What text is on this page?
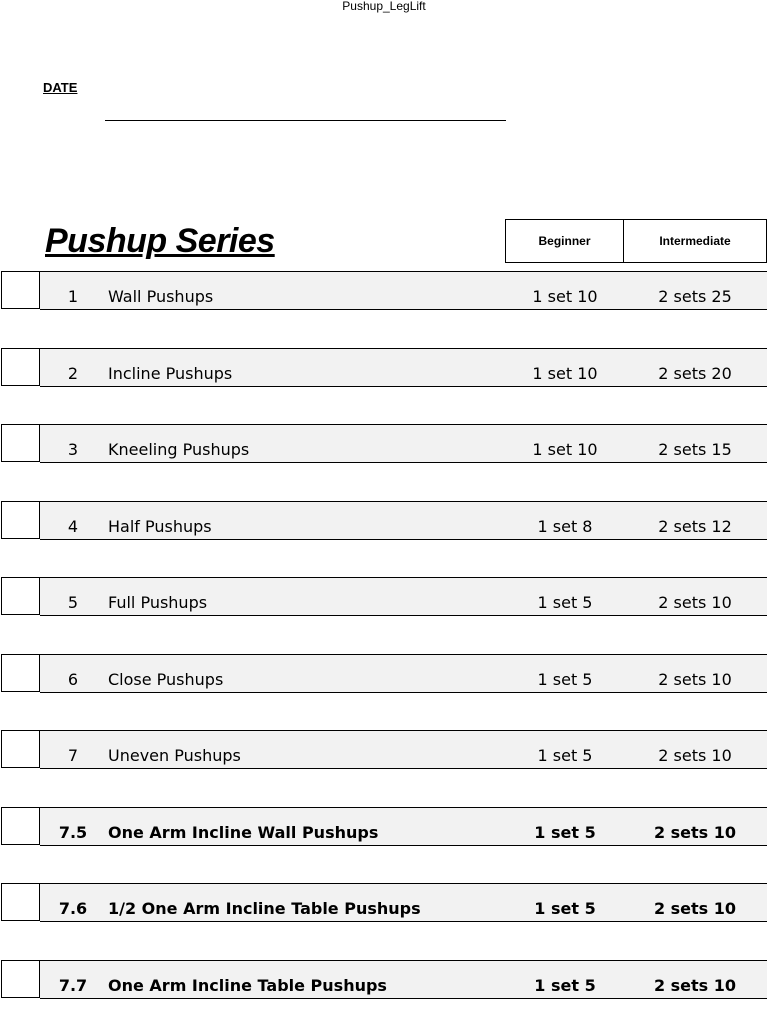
Pushup_LegLift
DATE
Pushup Series	Beginner	Intermediate
1	Wall Pushups	1 set 10	2 sets 25
2	Incline Pushups	1 set 10	2 sets 20
3	Kneeling Pushups	1 set 10	2 sets 15
4	Half Pushups	1 set 8	2 sets 12
5	Full Pushups	1 set 5	2 sets 10
6	Close Pushups	1 set 5	2 sets 10
7	Uneven Pushups	1 set 5	2 sets 10
7.5	One Arm Incline Wall Pushups	1 set 5	2 sets 10
7.6	1/2 One Arm Incline Table Pushups	1 set 5	2 sets 10
7.7	One Arm Incline Table Pushups	1 set 5	2 sets 10
